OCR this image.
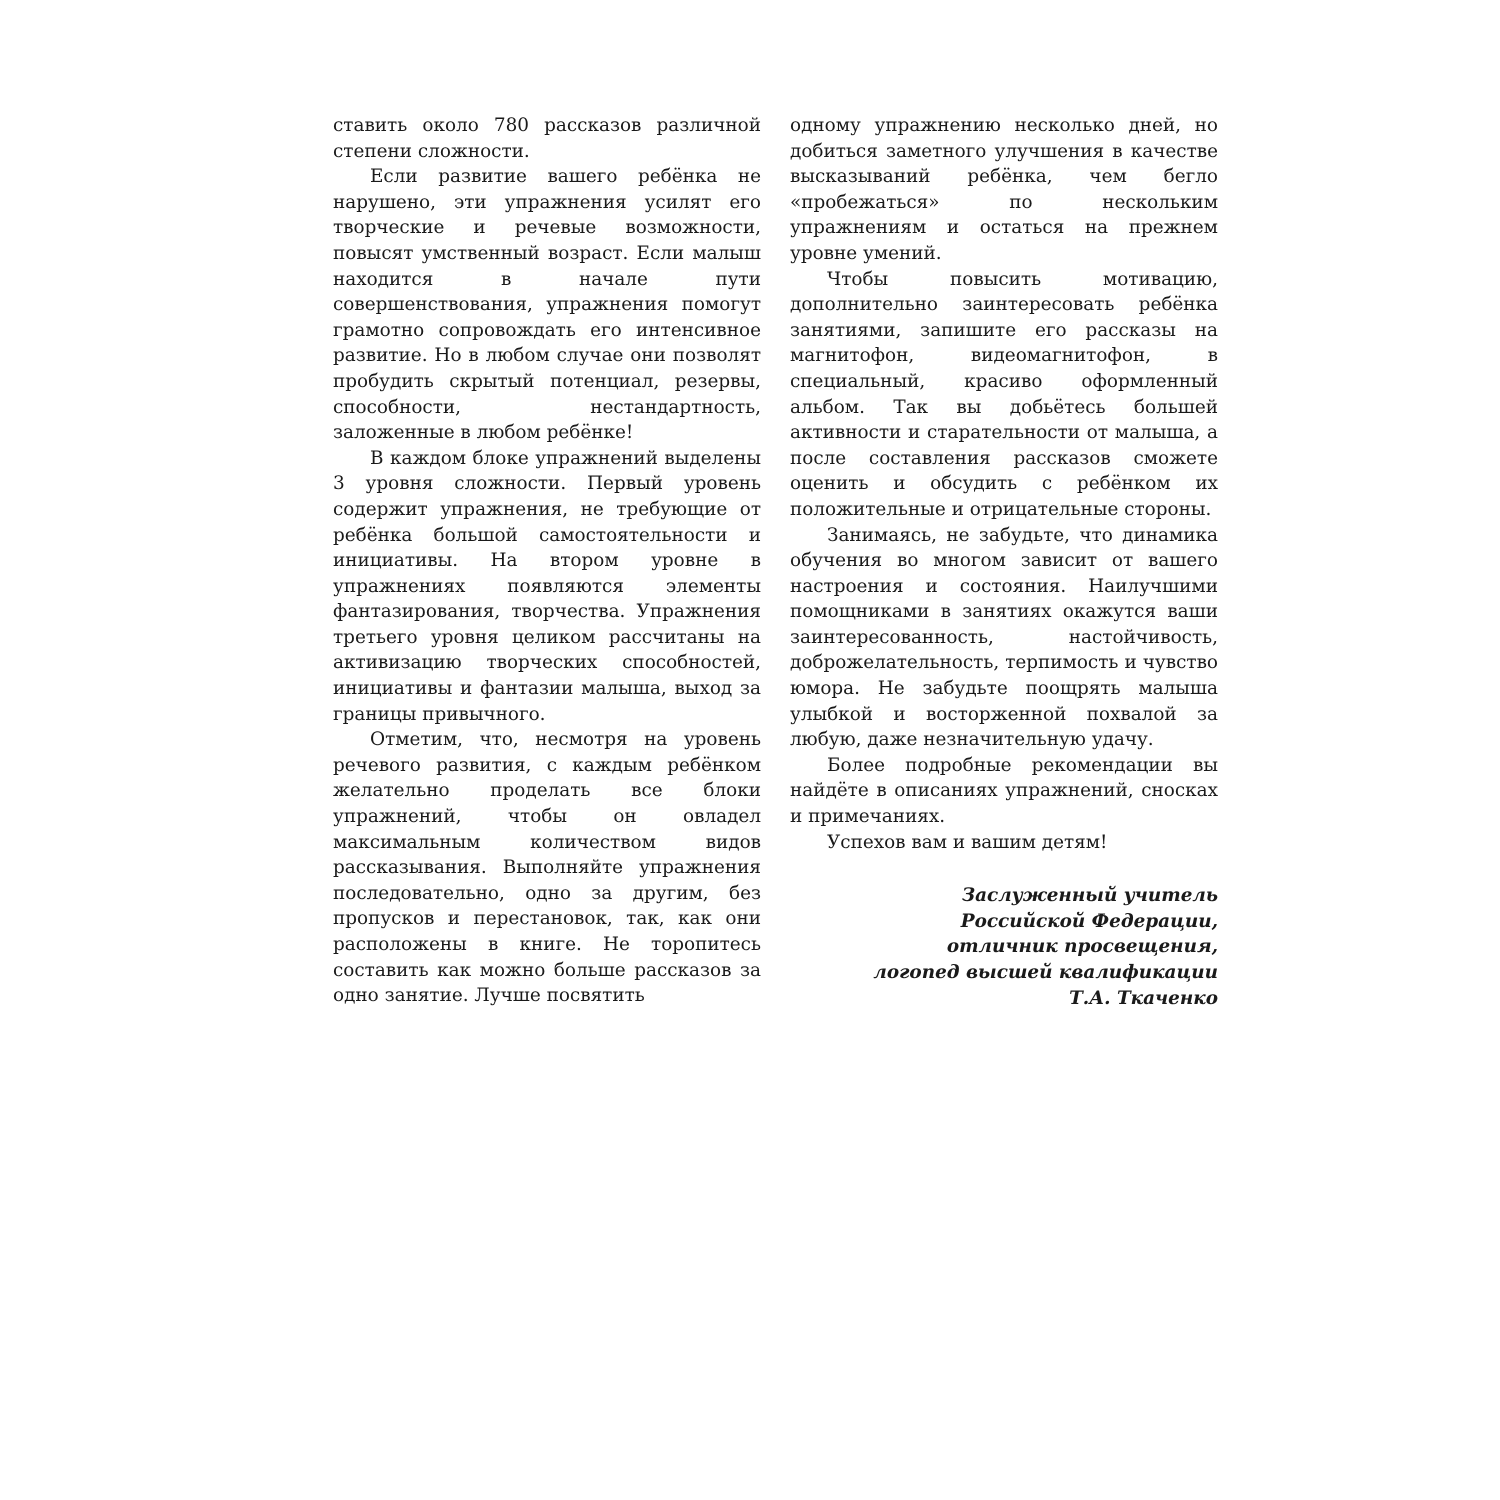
ставить около 780 рассказов различной степени сложности.

Если развитие вашего ребёнка не нарушено, эти упражнения усилят его творческие и речевые возможности, повысят умственный возраст. Если малыш находится в начале пути совершенствования, упражнения помогут грамотно сопровождать его интенсивное развитие. Но в любом случае они позволят пробудить скрытый потенциал, резервы, способности, нестандартность, заложенные в любом ребёнке!

В каждом блоке упражнений выделены 3 уровня сложности. Первый уровень содержит упражнения, не требующие от ребёнка большой самостоятельности и инициативы. На втором уровне в упражнениях появляются элементы фантазирования, творчества. Упражнения третьего уровня целиком рассчитаны на активизацию творческих способностей, инициативы и фантазии малыша, выход за границы привычного.

Отметим, что, несмотря на уровень речевого развития, с каждым ребёнком желательно проделать все блоки упражнений, чтобы он овладел максимальным количеством видов рассказывания. Выполняйте упражнения последовательно, одно за другим, без пропусков и перестановок, так, как они расположены в книге. Не торопитесь составить как можно больше рассказов за одно занятие. Лучше посвятить

одному упражнению несколько дней, но добиться заметного улучшения в качестве высказываний ребёнка, чем бегло «пробежаться» по нескольким упражнениям и остаться на прежнем уровне умений.

Чтобы повысить мотивацию, дополнительно заинтересовать ребёнка занятиями, запишите его рассказы на магнитофон, видеомагнитофон, в специальный, красиво оформленный альбом. Так вы добьётесь большей активности и старательности от малыша, а после составления рассказов сможете оценить и обсудить с ребёнком их положительные и отрицательные стороны.

Занимаясь, не забудьте, что динамика обучения во многом зависит от вашего настроения и состояния. Наилучшими помощниками в занятиях окажутся ваши заинтересованность, настойчивость, доброжелательность, терпимость и чувство юмора. Не забудьте поощрять малыша улыбкой и восторженной похвалой за любую, даже незначительную удачу.

Более подробные рекомендации вы найдёте в описаниях упражнений, сносках и примечаниях.

Успехов вам и вашим детям!

Заслуженный учитель
Российской Федерации,
отличник просвещения,
логопед высшей квалификации
Т.А. Ткаченко
